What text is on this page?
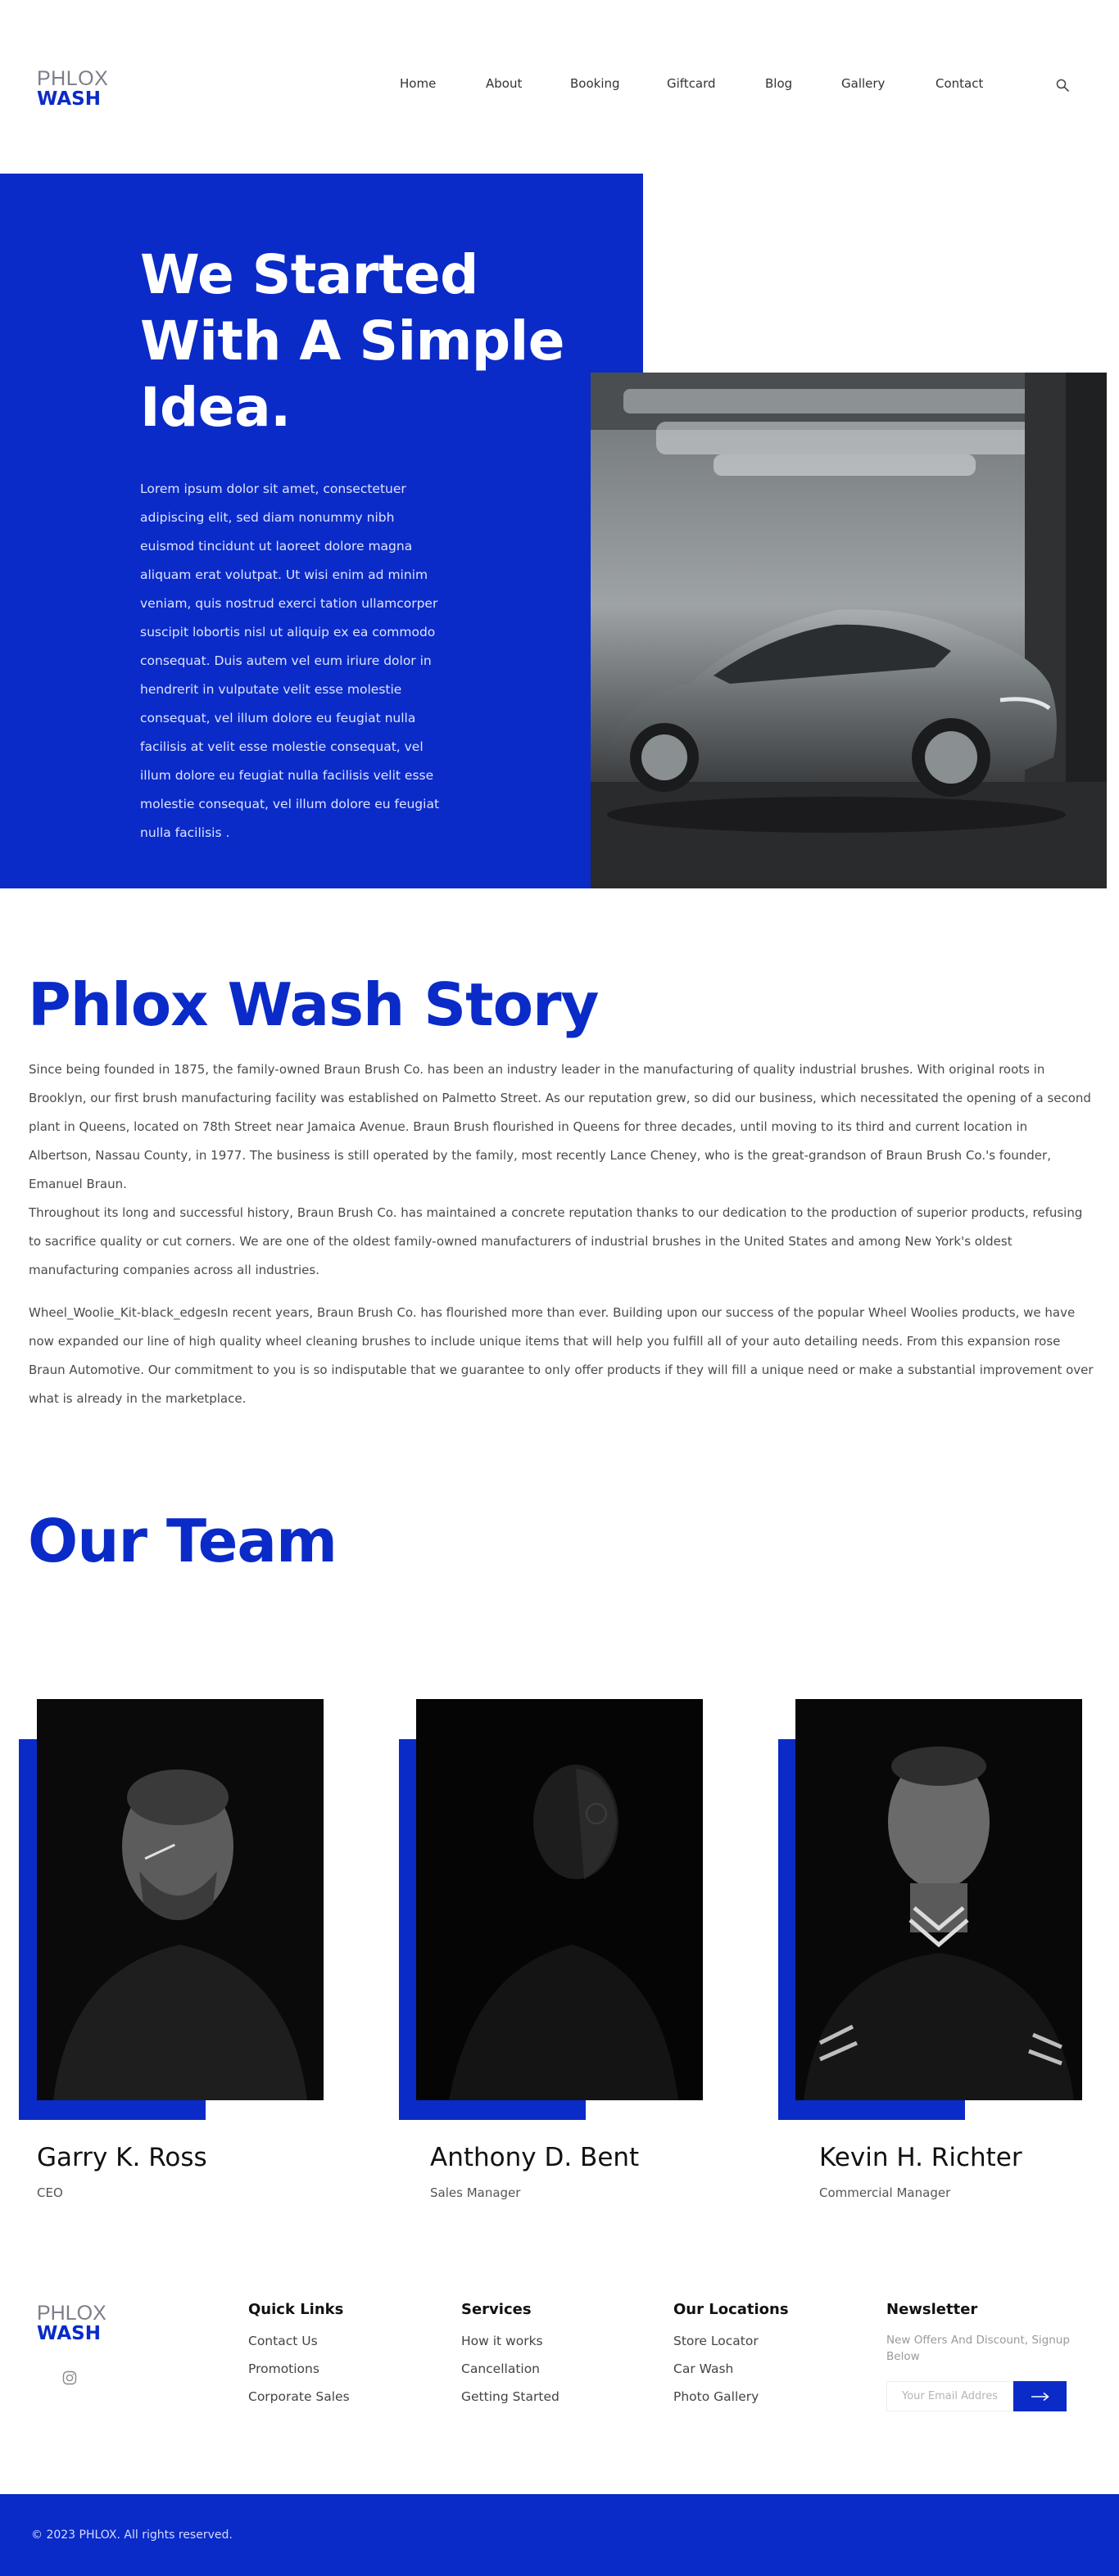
PHLOX
WASH
Home	About	Booking	Giftcard	Blog	Gallery	Contact
We Started With A Simple Idea.

Lorem ipsum dolor sit amet, consectetuer adipiscing elit, sed diam nonummy nibh euismod tincidunt ut laoreet dolore magna aliquam erat volutpat. Ut wisi enim ad minim veniam, quis nostrud exerci tation ullamcorper suscipit lobortis nisl ut aliquip ex ea commodo consequat. Duis autem vel eum iriure dolor in hendrerit in vulputate velit esse molestie consequat, vel illum dolore eu feugiat nulla facilisis at velit esse molestie consequat, vel illum dolore eu feugiat nulla facilisis velit esse molestie consequat, vel illum dolore eu feugiat nulla facilisis .

Phlox Wash Story

Since being founded in 1875, the family-owned Braun Brush Co. has been an industry leader in the manufacturing of quality industrial brushes. With original roots in Brooklyn, our first brush manufacturing facility was established on Palmetto Street. As our reputation grew, so did our business, which necessitated the opening of a second plant in Queens, located on 78th Street near Jamaica Avenue. Braun Brush flourished in Queens for three decades, until moving to its third and current location in Albertson, Nassau County, in 1977. The business is still operated by the family, most recently Lance Cheney, who is the great-grandson of Braun Brush Co.'s founder, Emanuel Braun.

Throughout its long and successful history, Braun Brush Co. has maintained a concrete reputation thanks to our dedication to the production of superior products, refusing to sacrifice quality or cut corners. We are one of the oldest family-owned manufacturers of industrial brushes in the United States and among New York's oldest manufacturing companies across all industries.

Wheel_Woolie_Kit-black_edgesIn recent years, Braun Brush Co. has flourished more than ever. Building upon our success of the popular Wheel Woolies products, we have now expanded our line of high quality wheel cleaning brushes to include unique items that will help you fulfill all of your auto detailing needs. From this expansion rose Braun Automotive. Our commitment to you is so indisputable that we guarantee to only offer products if they will fill a unique need or make a substantial improvement over what is already in the marketplace.

Our Team
Garry K. Ross
CEO
Anthony D. Bent
Sales Manager
Kevin H. Richter
Commercial Manager
PHLOX
WASH
Quick Links
Contact Us
Promotions
Corporate Sales
Services
How it works
Cancellation
Getting Started
Our Locations
Store Locator
Car Wash
Photo Gallery
Newsletter

New Offers And Discount, Signup Below

Your Email Address
© 2023 PHLOX. All rights reserved.
